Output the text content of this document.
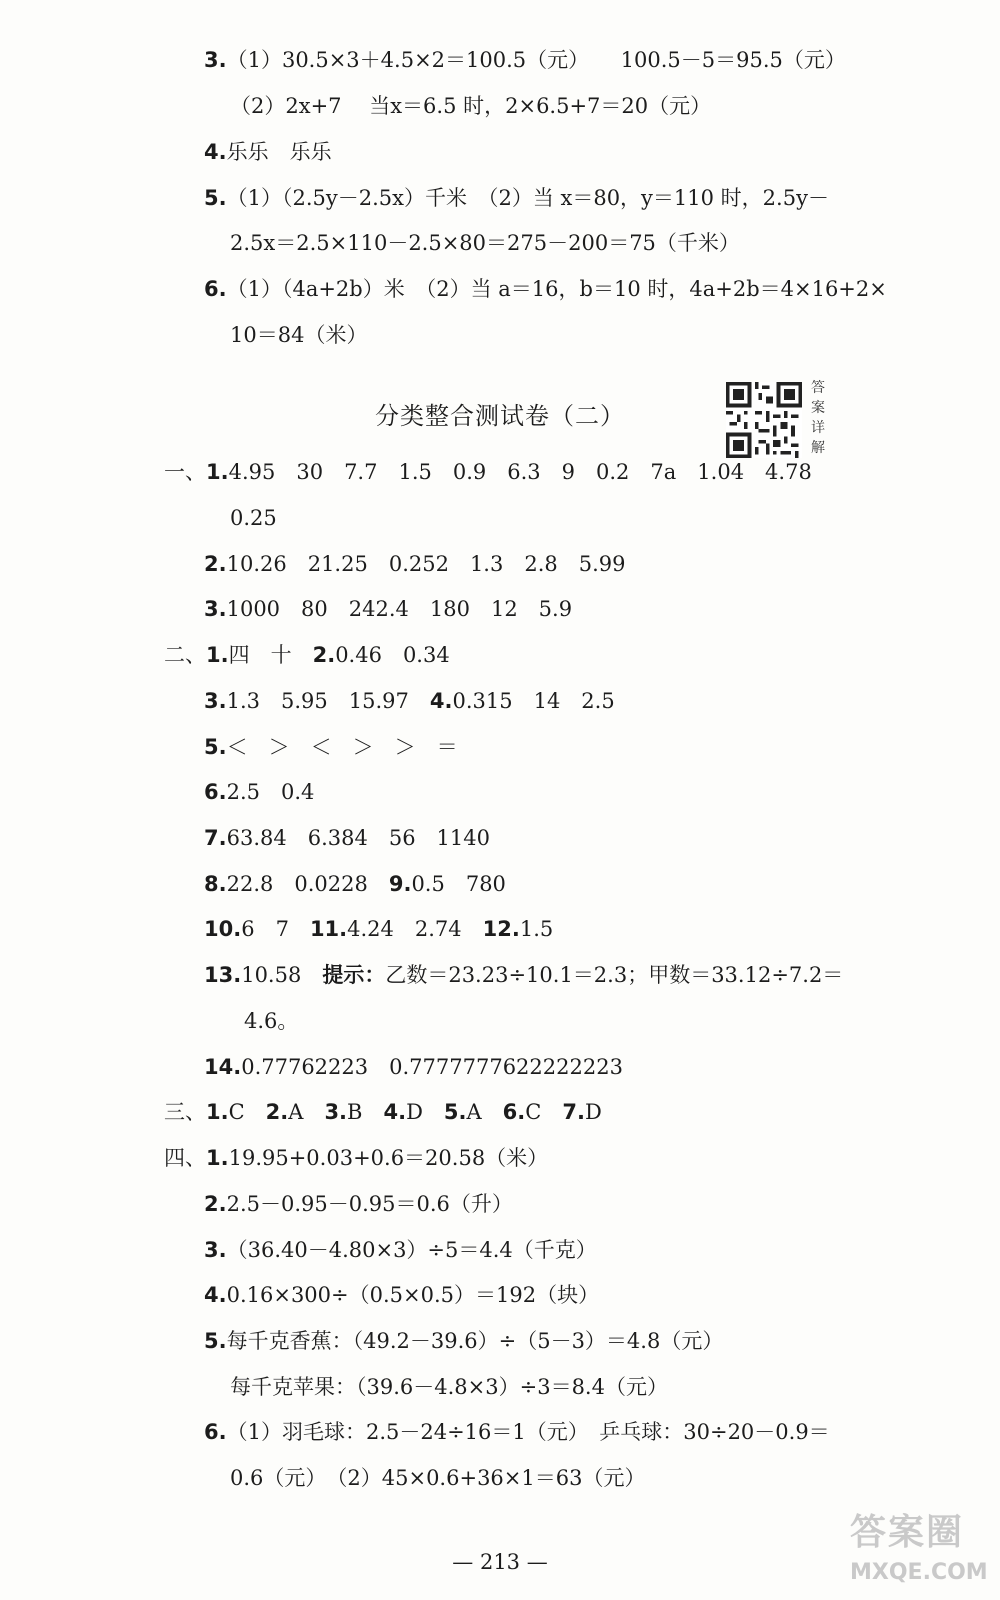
3.（1）30.5×3＋4.5×2＝100.5（元）　　100.5－5＝95.5（元）
（2）2x+7　 当x＝6.5 时，2×6.5+7＝20（元）
4.乐乐　乐乐
5.（1）（2.5y－2.5x）千米　（2）当 x＝80，y＝110 时，2.5y－
2.5x＝2.5×110－2.5×80＝275－200＝75（千米）
6.（1）（4a+2b）米　（2）当 a＝16，b＝10 时，4a+2b＝4×16+2×
10＝84（米）
分类整合测试卷（二）
答案详解
一、1.4.95　30　7.7　1.5　0.9　6.3　9　0.2　7a　1.04　4.78
0.25
2.10.26　21.25　0.252　1.3　2.8　5.99
3.1000　80　242.4　180　12　5.9
二、1.四　十　2.0.46　0.34
3.1.3　5.95　15.97　4.0.315　14　2.5
5.＜　＞　＜　＞　＞　＝
6.2.5　0.4
7.63.84　6.384　56　1140
8.22.8　0.0228　9.0.5　780
10.6　7　11.4.24　2.74　12.1.5
13.10.58　提示：乙数＝23.23÷10.1＝2.3；甲数＝33.12÷7.2＝
4.6。
14.0.77762223　0.7777777622222223
三、1.C　2.A　3.B　4.D　5.A　6.C　7.D
四、1.19.95+0.03+0.6＝20.58（米）
2.2.5－0.95－0.95＝0.6（升）
3.（36.40－4.80×3）÷5＝4.4（千克）
4.0.16×300÷（0.5×0.5）＝192（块）
5.每千克香蕉：（49.2－39.6）÷（5－3）＝4.8（元）
每千克苹果：（39.6－4.8×3）÷3＝8.4（元）
6.（1）羽毛球：2.5－24÷16＝1（元）　乒乓球：30÷20－0.9＝
0.6（元）　（2）45×0.6+36×1＝63（元）
— 213 —
答案圈
MXQE.COM
